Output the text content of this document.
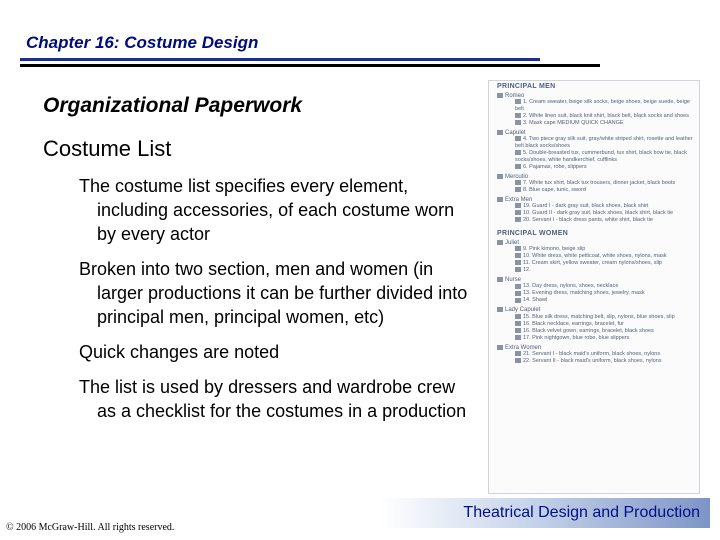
Chapter 16: Costume Design
Organizational Paperwork
Costume List
The costume list specifies every element, including accessories, of each costume worn by every actor
Broken into two section, men and women (in larger productions it can be further divided into principal men, principal women, etc)
Quick changes are noted
The list is used by dressers and wardrobe crew as a checklist for the costumes in a production
PRINCIPAL MEN
Romeo
1. Cream sweater, beige silk socks, beige shoes, beige suede, beige belt
2. White linen suit, black knit shirt, black belt, black socks and shoes
3. Mask cape MEDIUM QUICK CHANGE
Capulet
4. Two piece gray silk suit, gray/white striped shirt, rosette and leather belt black socks/shoes
5. Double-breasted tux, cummerbund, tux shirt, black bow tie, black socks/shoes, white handkerchief, cufflinks
6. Pajamas, robe, slippers
Mercutio
7. White tux shirt, black tux trousers, dinner jacket, black boots
8. Blue cape, tunic, sword
Extra Men
19. Guard I - dark gray suit, black shoes, black shirt
10. Guard II - dark gray suit, black shoes, black shirt, black tie
20. Servant I - black dress pants, white shirt, black tie
PRINCIPAL WOMEN
Juliet
9. Pink kimono, beige slip
10. White dress, white petticoat, white shoes, nylons, mask
11. Cream skirt, yellow sweater, cream nylons/shoes, slip
12.
Nurse
13. Day dress, nylons, shoes, necklace
13. Evening dress, matching shoes, jewelry, mask
14. Shawl
Lady Capulet
15. Blue silk dress, matching belt, slip, nylons, blue shoes, slip
16. Black necklace, earrings, bracelet, fur
16. Black velvet gown, earrings, bracelet, black shoes
17. Pink nightgown, blue robe, blue slippers
Extra Women
21. Servant I - black maid's uniform, black shoes, nylons
22. Servant II - black maid's uniform, black shoes, nylons
Theatrical Design and Production
© 2006 McGraw-Hill. All rights reserved.
